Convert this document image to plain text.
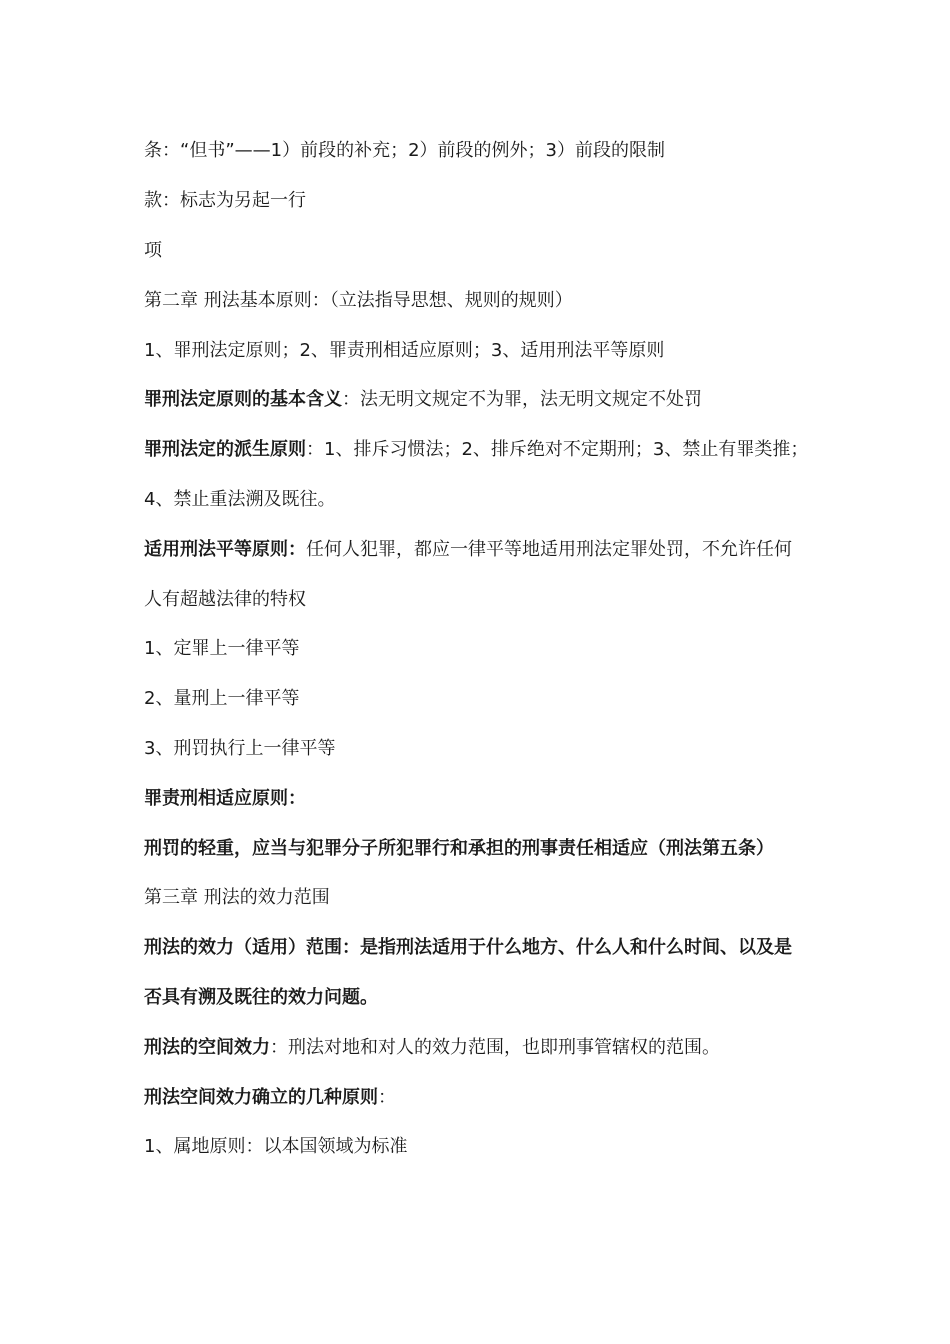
条：“但书”——1）前段的补充；2）前段的例外；3）前段的限制
款：标志为另起一行
项
第二章 刑法基本原则：（立法指导思想、规则的规则）
1、罪刑法定原则；2、罪责刑相适应原则；3、适用刑法平等原则
罪刑法定原则的基本含义：法无明文规定不为罪，法无明文规定不处罚
罪刑法定的派生原则：1、排斥习惯法；2、排斥绝对不定期刑；3、禁止有罪类推；
4、禁止重法溯及既往。
适用刑法平等原则：任何人犯罪，都应一律平等地适用刑法定罪处罚，不允许任何
人有超越法律的特权
1、定罪上一律平等
2、量刑上一律平等
3、刑罚执行上一律平等
罪责刑相适应原则：
刑罚的轻重，应当与犯罪分子所犯罪行和承担的刑事责任相适应（刑法第五条）
第三章 刑法的效力范围
刑法的效力（适用）范围：是指刑法适用于什么地方、什么人和什么时间、以及是
否具有溯及既往的效力问题。
刑法的空间效力：刑法对地和对人的效力范围，也即刑事管辖权的范围。
刑法空间效力确立的几种原则：
1、属地原则：以本国领域为标准
